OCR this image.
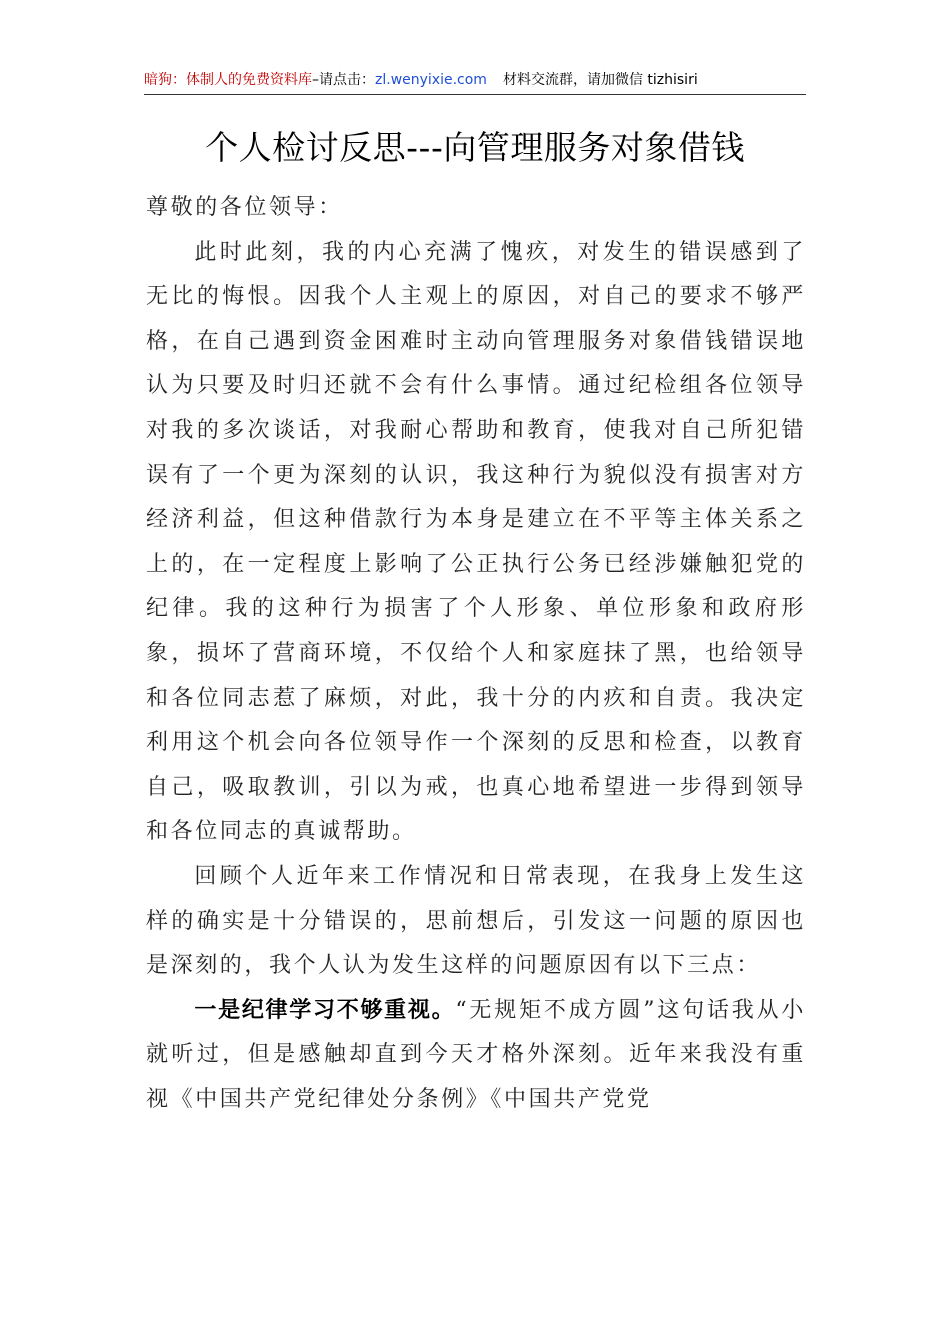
暗狗：体制人的免费资料库–请点击：zl.wenyixie.com 材料交流群，请加微信 tizhisiri
个人检讨反思---向管理服务对象借钱

尊敬的各位领导：

此时此刻，我的内心充满了愧疚，对发生的错误感到了无比的悔恨。因我个人主观上的原因，对自己的要求不够严格，在自己遇到资金困难时主动向管理服务对象借钱错误地认为只要及时归还就不会有什么事情。通过纪检组各位领导对我的多次谈话，对我耐心帮助和教育，使我对自己所犯错误有了一个更为深刻的认识，我这种行为貌似没有损害对方经济利益，但这种借款行为本身是建立在不平等主体关系之上的，在一定程度上影响了公正执行公务已经涉嫌触犯党的纪律。我的这种行为损害了个人形象、单位形象和政府形象，损坏了营商环境，不仅给个人和家庭抹了黑，也给领导和各位同志惹了麻烦，对此，我十分的内疚和自责。我决定利用这个机会向各位领导作一个深刻的反思和检查，以教育自己，吸取教训，引以为戒，也真心地希望进一步得到领导和各位同志的真诚帮助。

回顾个人近年来工作情况和日常表现，在我身上发生这样的确实是十分错误的，思前想后，引发这一问题的原因也是深刻的，我个人认为发生这样的问题原因有以下三点：

一是纪律学习不够重视。“无规矩不成方圆”这句话我从小就听过，但是感触却直到今天才格外深刻。近年来我没有重视《中国共产党纪律处分条例》《中国共产党党
